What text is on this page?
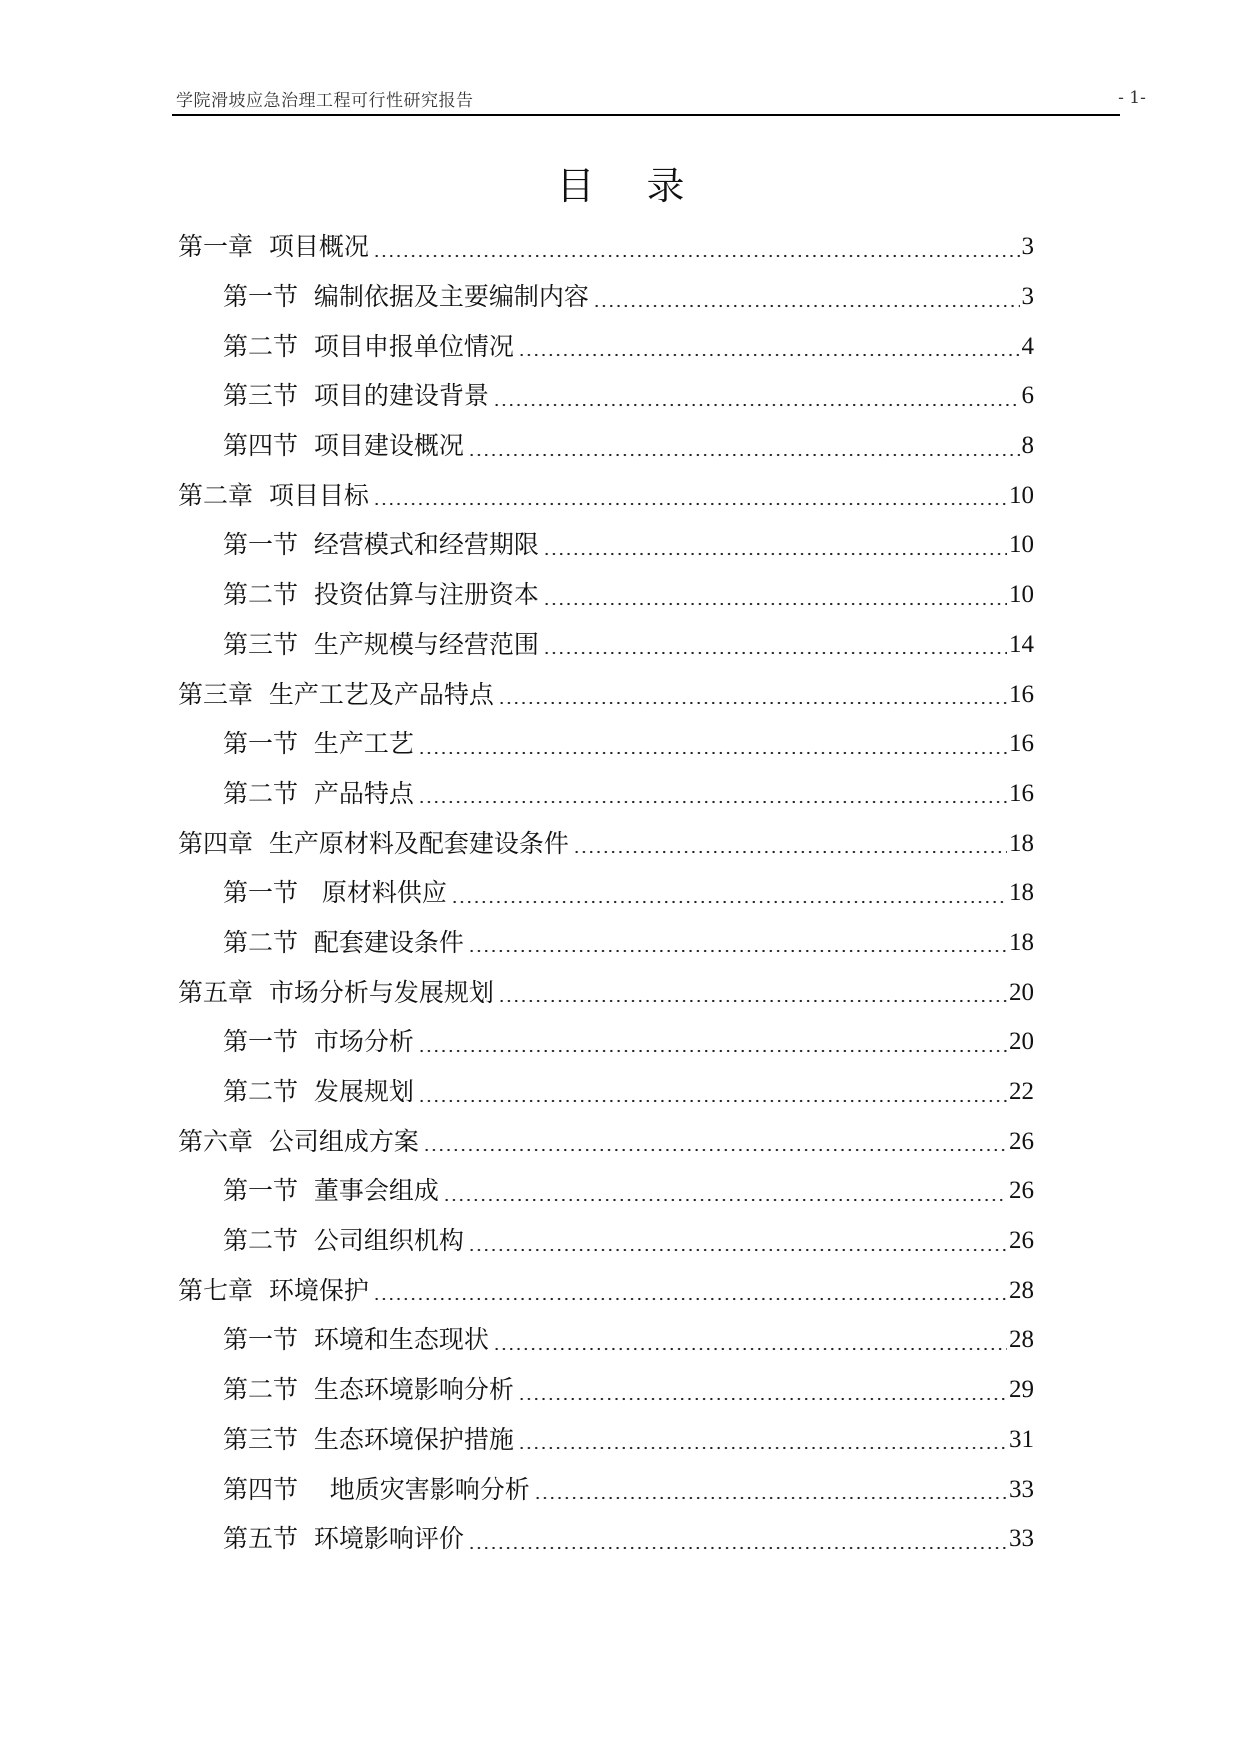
学院滑坡应急治理工程可行性研究报告	- 1-
目录
第一章  项目概况	3
第一节  编制依据及主要编制内容	3
第二节  项目申报单位情况	4
第三节  项目的建设背景	6
第四节  项目建设概况	8
第二章  项目目标	10
第一节  经营模式和经营期限	10
第二节  投资估算与注册资本	10
第三节  生产规模与经营范围	14
第三章  生产工艺及产品特点	16
第一节  生产工艺	16
第二节  产品特点	16
第四章  生产原材料及配套建设条件	18
第一节   原材料供应	18
第二节  配套建设条件	18
第五章  市场分析与发展规划	20
第一节  市场分析	20
第二节  发展规划	22
第六章  公司组成方案	26
第一节  董事会组成	26
第二节  公司组织机构	26
第七章  环境保护	28
第一节  环境和生态现状	28
第二节  生态环境影响分析	29
第三节  生态环境保护措施	31
第四节    地质灾害影响分析	33
第五节  环境影响评价	33
